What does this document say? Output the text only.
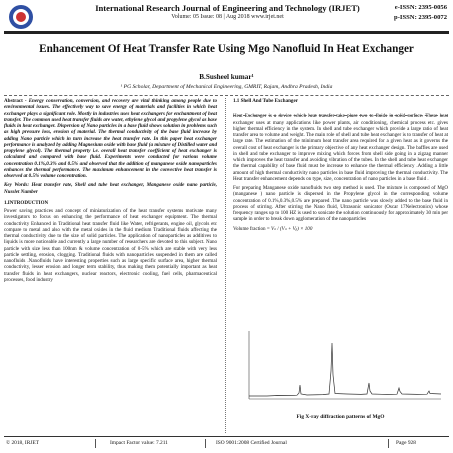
International Research Journal of Engineering and Technology (IRJET)
Volume: 05 Issue: 08 | Aug 2018 www.irjet.net
e-ISSN: 2395-0056
p-ISSN: 2395-0072
Enhancement Of Heat Transfer Rate Using Mgo Nanofluid In Heat Exchanger
B.Susheel kumar¹
¹ PG Scholar, Department of Mechanical Engineering, GMRIT, Rajam, Andhra Pradesh, India

Abstract - Energy conservation, conversion, and recovery are vital thinking among people due to environmental issues. The effectively way to save energy of materials and facilities in which heat exchanger plays a significant role. Mostly in industries uses heat exchangers for enchantment of heat transfer. The common used heat transfer fluids are water, ethylene glycol and propylene glycol as base fluids in heat exchanger. Dispersion of Nano particles in a base fluid shows solution in problems such as high pressure loss, erosion of material. The thermal conductivity of the base fluid increase by adding Nano particle which in turn increase the heat transfer rate. In this paper heat exchanger performance is analyzed by adding Magnesium oxide with base fluid (a mixture of Distilled water and propylene glycol). The thermal property i.e. overall heat transfer coefficient of heat exchanger is calculated and compared with base fluid. Experiments were conducted for various volume concentration 0.1%,0.3% and 0.5% and observed that the addition of manganese oxide nanoparticles enhances the thermal performance. The maximum enhancement in the convective heat transfer is observed at 0.5% volume concentration.

Key Words: Heat transfer rate, Shell and tube heat exchanger, Manganese oxide nano particle, Nusslet Number

1.INTRODUCTION

Power saving practices and concept of miniaturization of the heat transfer systems motivate many investigators to focus on enhancing the performance of heat exchanger equipment. The thermal conductivity Enhanced in Traditional heat transfer fluid like Water, refrigerants, engine oil, glycols etc compare to metal and also with the metal oxides in the fluid medium Traditional fluids affecting the thermal conductivity due to the size of solid particles. The application of nanoparticles as additives to liquids is more noticeable and currently a large number of researchers are devoted to this subject. Nano particle with size less than 100nm & volume concentration of 0-5% which are stable with very less particle settling, erosion, clogging. Traditional fluids with nanoparticles suspended in them are called nanofluids .Nanofluids have interesting properties such as large specific surface area, higher thermal conductivity, lesser erosion and longer term stability, thus making them potentially important as heat transfer fluids in heat exchangers, nuclear reactors, electronic cooling, fuel cells, pharmaceutical processes, food industry

1.1 Shell And Tube Exchanger

Heat Exchanger is a device which heat transfer take place two to fluids in solid surface. These heat exchanger uses at many applications like power plants, air conditioning, chemical process etc. gives higher thermal efficiency in the system. In shell and tube exchanger which provide a large ratio of heat transfer area to volume and weight. The main role of shell and tube heat exchanger is to transfer of heat at large rate. The estimation of the minimum heat transfer area required for a given heat as it governs the overall cost of heat exchanger is the primary objective of any heat exchanger design. The baffles are used in shell and tube exchanger to improve mixing which forces from shell side going in a zigzag manner which improves the heat transfer and avoiding vibration of the tubes. In the shell and tube heat exchanger the thermal capability of base fluid must be increase to enhance the thermal efficiency .Adding a little amount of high thermal conductivity nano particles in base fluid improving the thermal conductivity. The Heat transfer enhancement depends on type, size, concentration of nano particles in a base fluid .

For preparing Manganese oxide nanofluids two step method is used. The mixture is composed of MgO (manganese ) nano particle is dispersed in the Propylene glycol in the corresponding volume concentration of 0.1%,0.3%,0.5% are prepared .The nano particle was slowly added to the base fluid in process of stirring. After stirring the Nano fluid, Ultrasonic sonicator (Oscar 17Nelectronics) whose frequency ranges up to 100 HZ is used to sonicate the solution continuously for approximately 30 min per sample in order to break down agglomeration of the nanoparticles

Volume fraction = Vₙ / (Vₙ + Vᵦ) × 100

Fig X-ray diffraction patterns of MgO
© 2018, IRJET	Impact Factor value: 7.211	ISO 9001:2008 Certified Journal	Page 928
